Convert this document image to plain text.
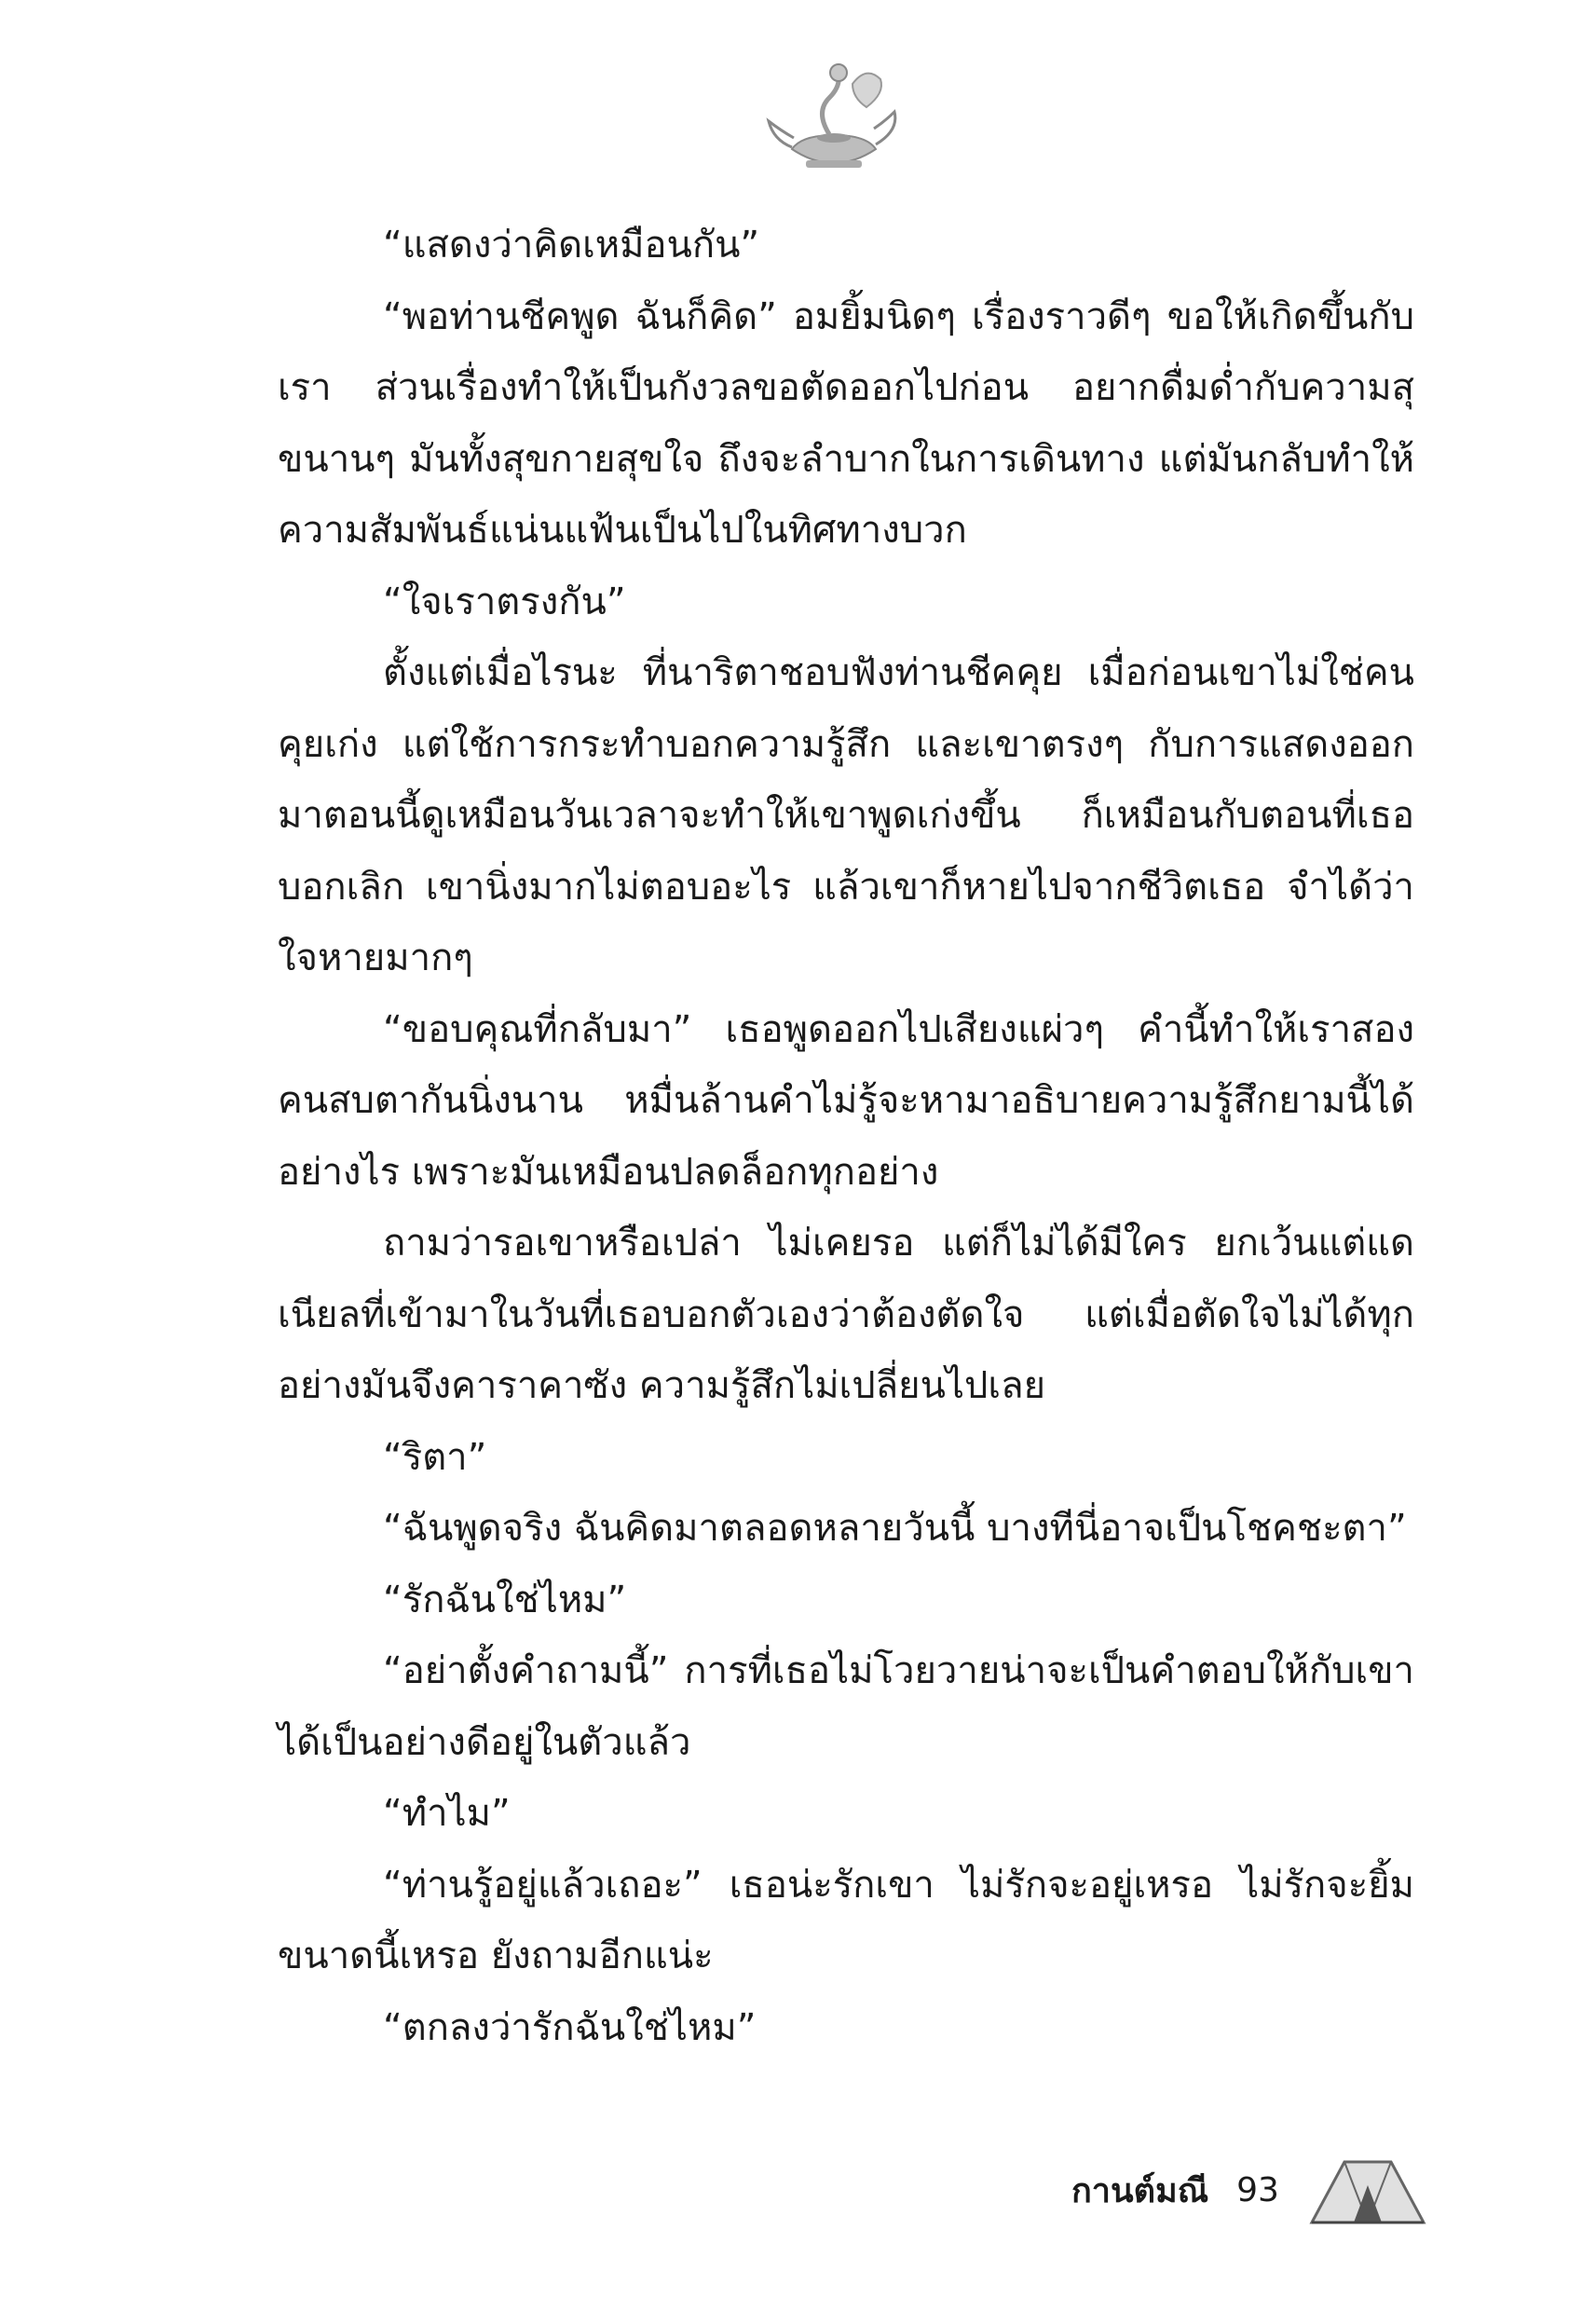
“แสดงว่าคิดเหมือนกัน”

“พอท่านชีคพูด ฉันก็คิด” อมยิ้มนิดๆ เรื่องราวดีๆ ขอให้เกิดขึ้นกับเรา ส่วนเรื่องทำให้เป็นกังวลขอตัดออกไปก่อน อยากดื่มด่ำกับความสุขนานๆ มันทั้งสุขกายสุขใจ ถึงจะลำบากในการเดินทาง แต่มันกลับทำให้ความสัมพันธ์แน่นแฟ้นเป็นไปในทิศทางบวก

“ใจเราตรงกัน”

ตั้งแต่เมื่อไรนะ ที่นาริตาชอบฟังท่านชีคคุย เมื่อก่อนเขาไม่ใช่คนคุยเก่ง แต่ใช้การกระทำบอกความรู้สึก และเขาตรงๆ กับการแสดงออก มาตอนนี้ดูเหมือนวันเวลาจะทำให้เขาพูดเก่งขึ้น ก็เหมือนกับตอนที่เธอบอกเลิก เขานิ่งมากไม่ตอบอะไร แล้วเขาก็หายไปจากชีวิตเธอ จำได้ว่าใจหายมากๆ

“ขอบคุณที่กลับมา” เธอพูดออกไปเสียงแผ่วๆ คำนี้ทำให้เราสองคนสบตากันนิ่งนาน หมื่นล้านคำไม่รู้จะหามาอธิบายความรู้สึกยามนี้ได้อย่างไร เพราะมันเหมือนปลดล็อกทุกอย่าง

ถามว่ารอเขาหรือเปล่า ไม่เคยรอ แต่ก็ไม่ได้มีใคร ยกเว้นแต่แดเนียลที่เข้ามาในวันที่เธอบอกตัวเองว่าต้องตัดใจ แต่เมื่อตัดใจไม่ได้ทุกอย่างมันจึงคาราคาซัง ความรู้สึกไม่เปลี่ยนไปเลย

“ริตา”

“ฉันพูดจริง ฉันคิดมาตลอดหลายวันนี้ บางทีนี่อาจเป็นโชคชะตา”

“รักฉันใช่ไหม”

“อย่าตั้งคำถามนี้” การที่เธอไม่โวยวายน่าจะเป็นคำตอบให้กับเขาได้เป็นอย่างดีอยู่ในตัวแล้ว

“ทำไม”

“ท่านรู้อยู่แล้วเถอะ” เธอน่ะรักเขา ไม่รักจะอยู่เหรอ ไม่รักจะยิ้มขนาดนี้เหรอ ยังถามอีกแน่ะ

“ตกลงว่ารักฉันใช่ไหม”

กานต์มณี 93
